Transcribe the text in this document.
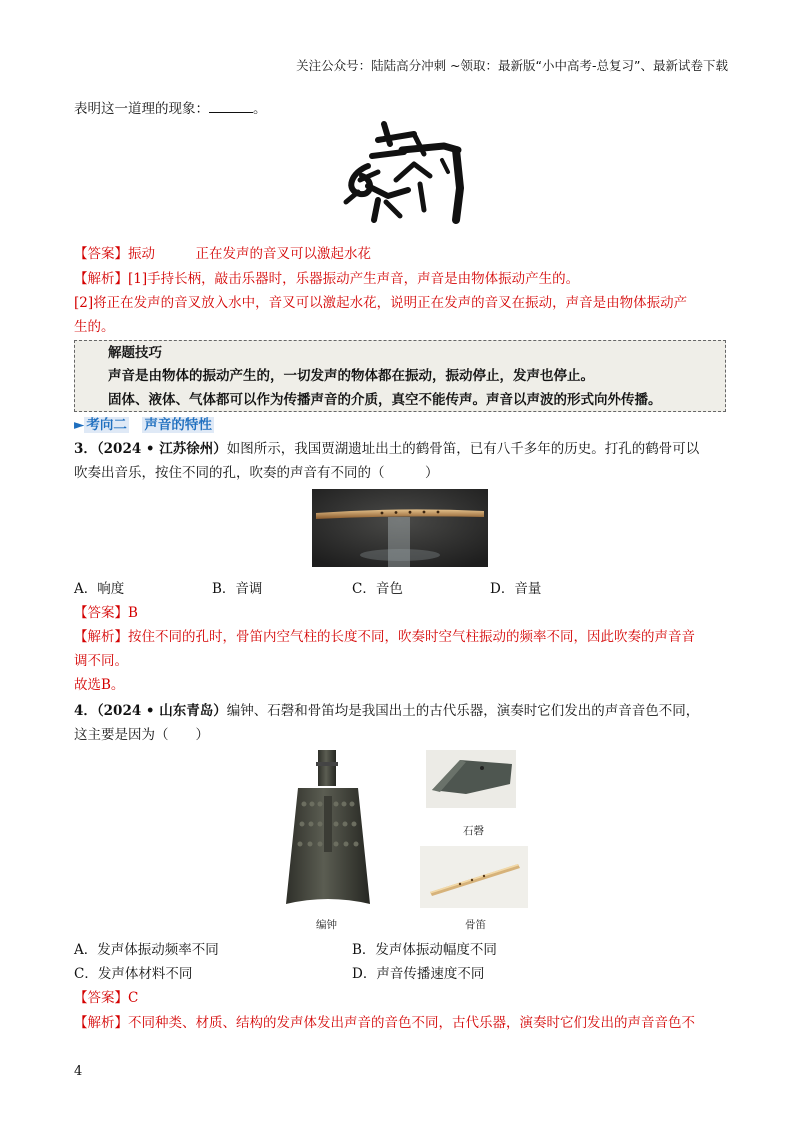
关注公众号：陆陆高分冲刺 ~领取：最新版“小中高考-总复习”、最新试卷下载
表明这一道理的现象：	。
【答案】振动　　　正在发声的音叉可以激起水花
【解析】[1]手持长柄，敲击乐器时，乐器振动产生声音，声音是由物体振动产生的。
[2]将正在发声的音叉放入水中，音叉可以激起水花，说明正在发声的音叉在振动，声音是由物体振动产
生的。
解题技巧
声音是由物体的振动产生的，一切发声的物体都在振动，振动停止，发声也停止。
固体、液体、气体都可以作为传播声音的介质，真空不能传声。声音以声波的形式向外传播。
► 考向二　 声音的特性
3．（2024 • 江苏徐州）如图所示，我国贾湖遗址出土的鹤骨笛，已有八千多年的历史。打孔的鹤骨可以
吹奏出音乐，按住不同的孔，吹奏的声音有不同的（　　　）
A．响度	B．音调	C．音色	D．音量
【答案】B
【解析】按住不同的孔时，骨笛内空气柱的长度不同，吹奏时空气柱振动的频率不同，因此吹奏的声音音
调不同。
故选B。
4．（2024 • 山东青岛）编钟、石磬和骨笛均是我国出土的古代乐器，演奏时它们发出的声音音色不同，
这主要是因为（　　）
编钟
石磬
骨笛
A．发声体振动频率不同	B．发声体振动幅度不同
C．发声体材料不同	D．声音传播速度不同
【答案】C
【解析】不同种类、材质、结构的发声体发出声音的音色不同，古代乐器，演奏时它们发出的声音音色不
4
